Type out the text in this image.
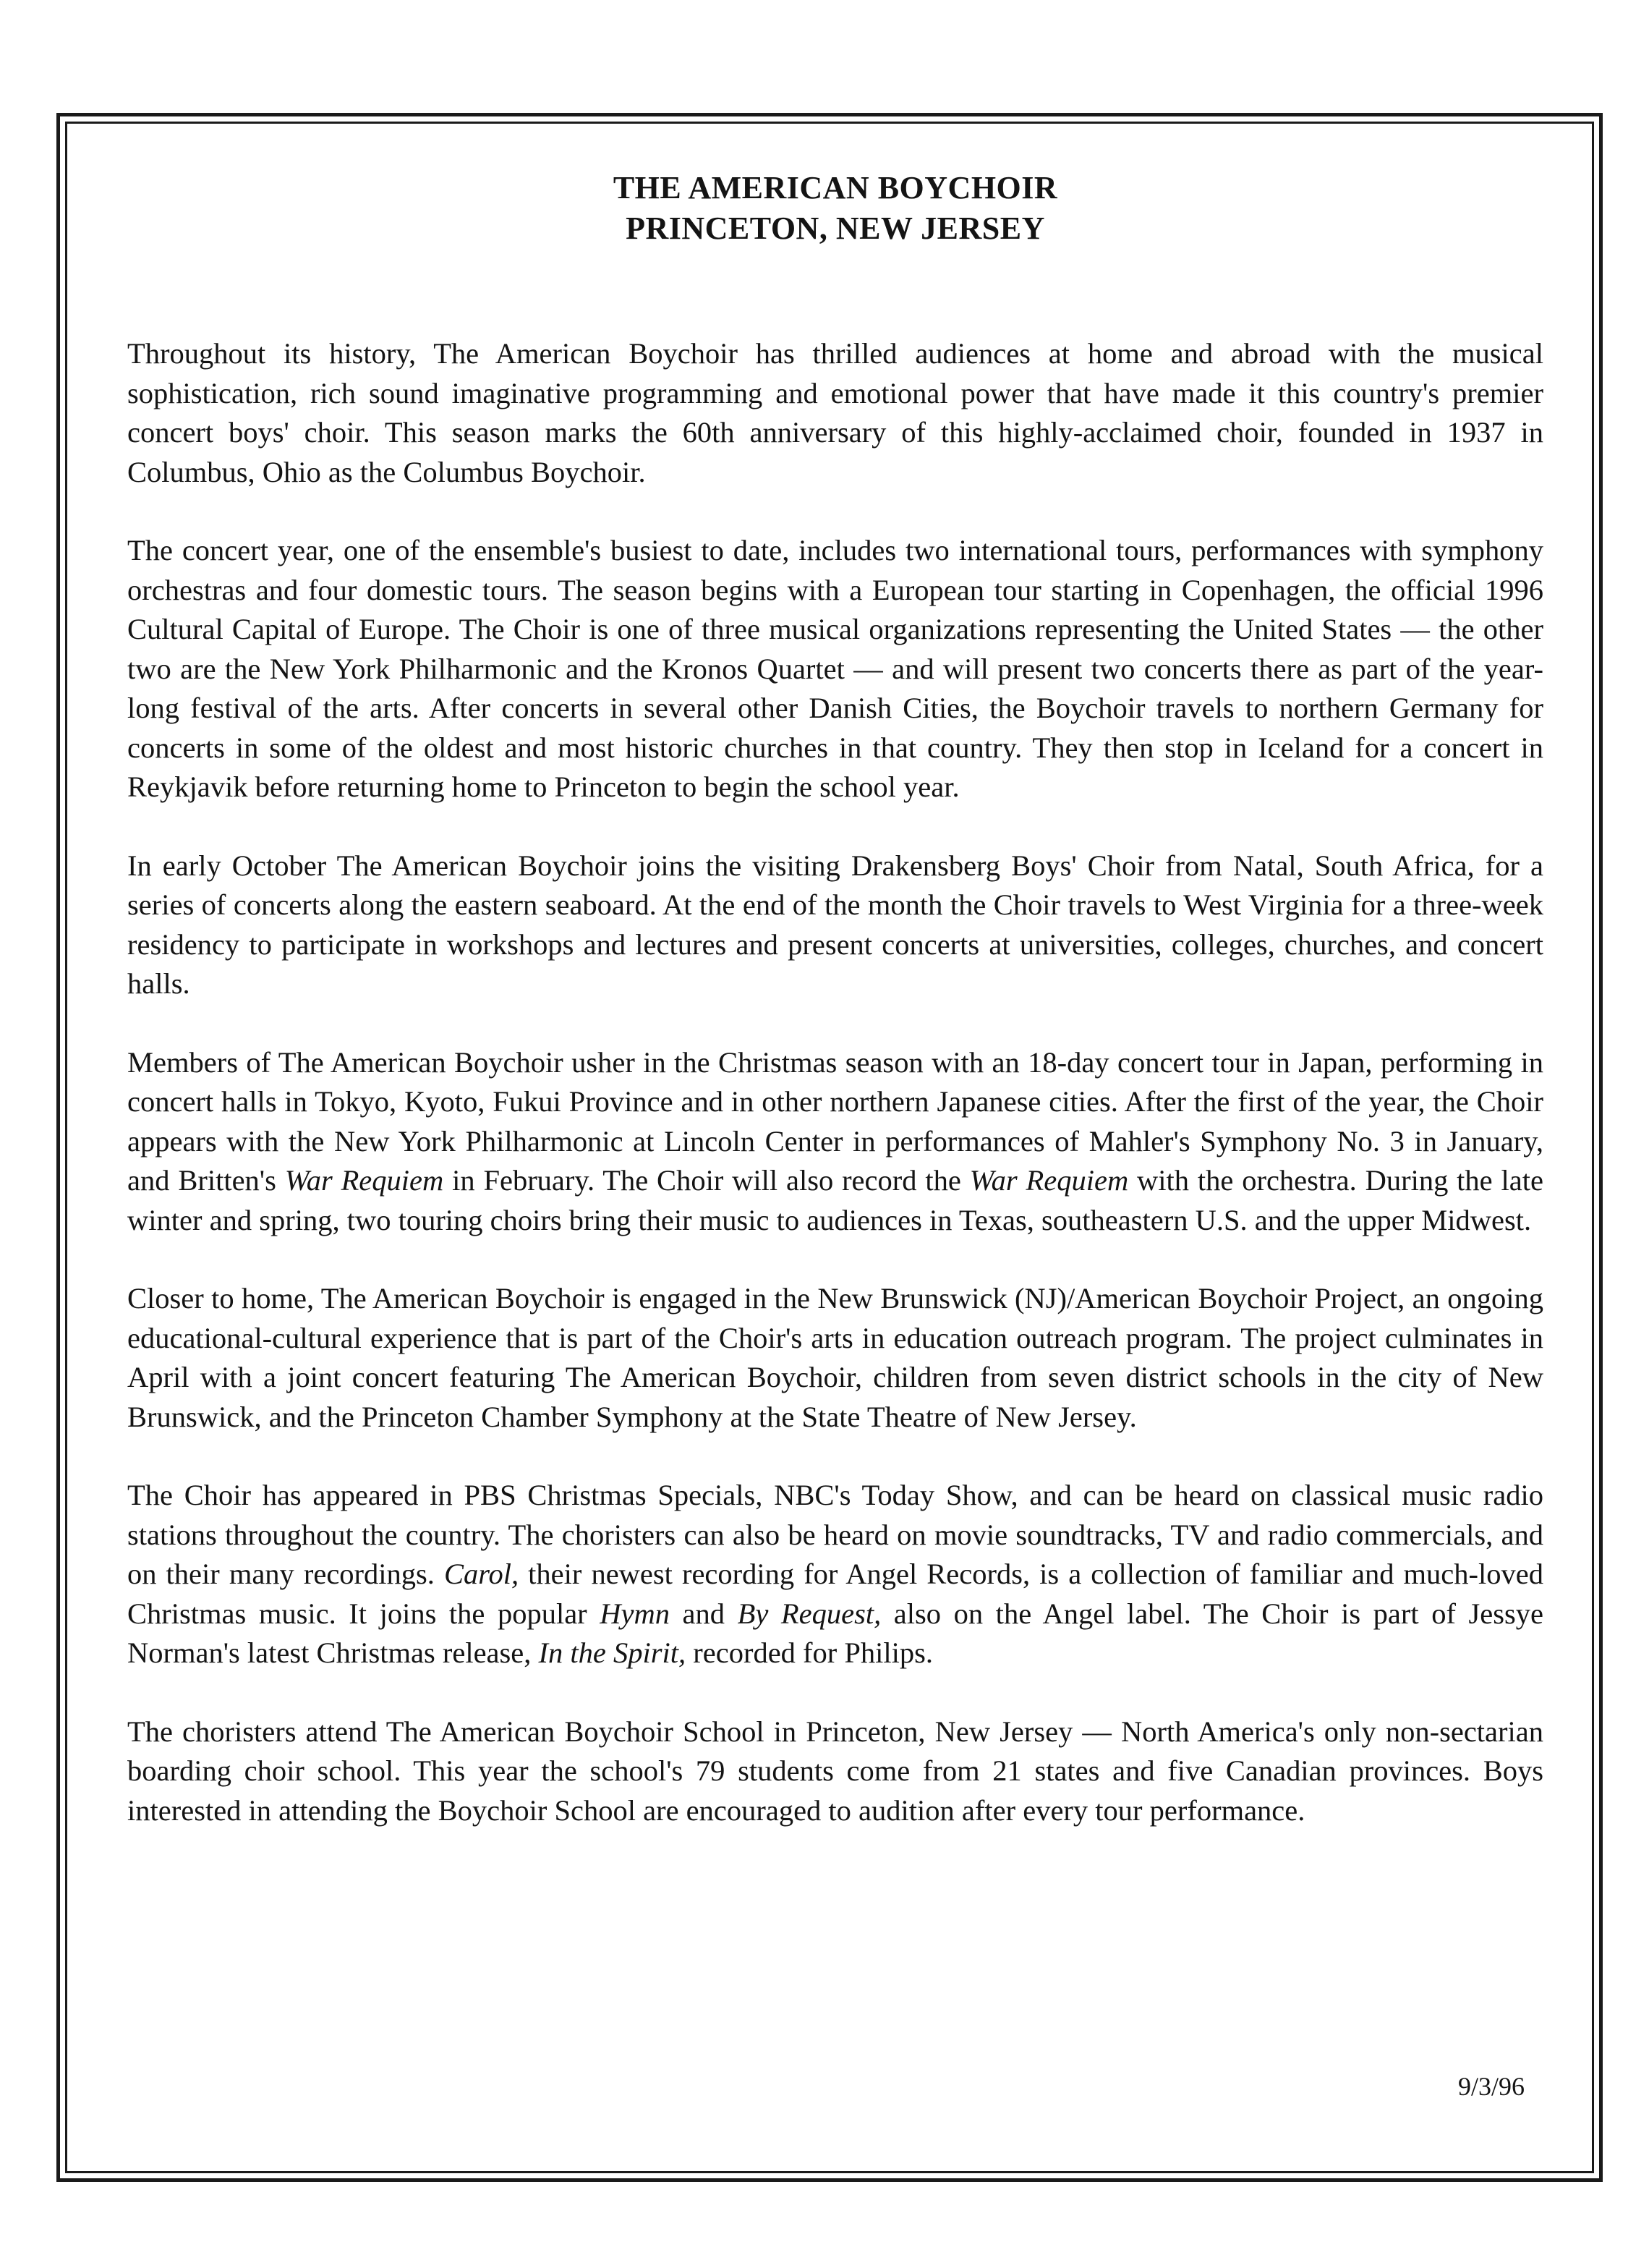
THE AMERICAN BOYCHOIR
PRINCETON, NEW JERSEY

Throughout its history, The American Boychoir has thrilled audiences at home and abroad with the musical sophistication, rich sound imaginative programming and emotional power that have made it this country's premier concert boys' choir. This season marks the 60th anniversary of this highly-acclaimed choir, founded in 1937 in Columbus, Ohio as the Columbus Boychoir.

The concert year, one of the ensemble's busiest to date, includes two international tours, performances with symphony orchestras and four domestic tours. The season begins with a European tour starting in Copenhagen, the official 1996 Cultural Capital of Europe. The Choir is one of three musical organizations representing the United States — the other two are the New York Philharmonic and the Kronos Quartet — and will present two concerts there as part of the year-long festival of the arts. After concerts in several other Danish Cities, the Boychoir travels to northern Germany for concerts in some of the oldest and most historic churches in that country. They then stop in Iceland for a concert in Reykjavik before returning home to Princeton to begin the school year.

In early October The American Boychoir joins the visiting Drakensberg Boys' Choir from Natal, South Africa, for a series of concerts along the eastern seaboard. At the end of the month the Choir travels to West Virginia for a three-week residency to participate in workshops and lectures and present concerts at universities, colleges, churches, and concert halls.

Members of The American Boychoir usher in the Christmas season with an 18-day concert tour in Japan, performing in concert halls in Tokyo, Kyoto, Fukui Province and in other northern Japanese cities. After the first of the year, the Choir appears with the New York Philharmonic at Lincoln Center in performances of Mahler's Symphony No. 3 in January, and Britten's War Requiem in February. The Choir will also record the War Requiem with the orchestra. During the late winter and spring, two touring choirs bring their music to audiences in Texas, southeastern U.S. and the upper Midwest.

Closer to home, The American Boychoir is engaged in the New Brunswick (NJ)/American Boychoir Project, an ongoing educational-cultural experience that is part of the Choir's arts in education outreach program. The project culminates in April with a joint concert featuring The American Boychoir, children from seven district schools in the city of New Brunswick, and the Princeton Chamber Symphony at the State Theatre of New Jersey.

The Choir has appeared in PBS Christmas Specials, NBC's Today Show, and can be heard on classical music radio stations throughout the country. The choristers can also be heard on movie soundtracks, TV and radio commercials, and on their many recordings. Carol, their newest recording for Angel Records, is a collection of familiar and much-loved Christmas music. It joins the popular Hymn and By Request, also on the Angel label. The Choir is part of Jessye Norman's latest Christmas release, In the Spirit, recorded for Philips.

The choristers attend The American Boychoir School in Princeton, New Jersey — North America's only non-sectarian boarding choir school. This year the school's 79 students come from 21 states and five Canadian provinces. Boys interested in attending the Boychoir School are encouraged to audition after every tour performance.

9/3/96
